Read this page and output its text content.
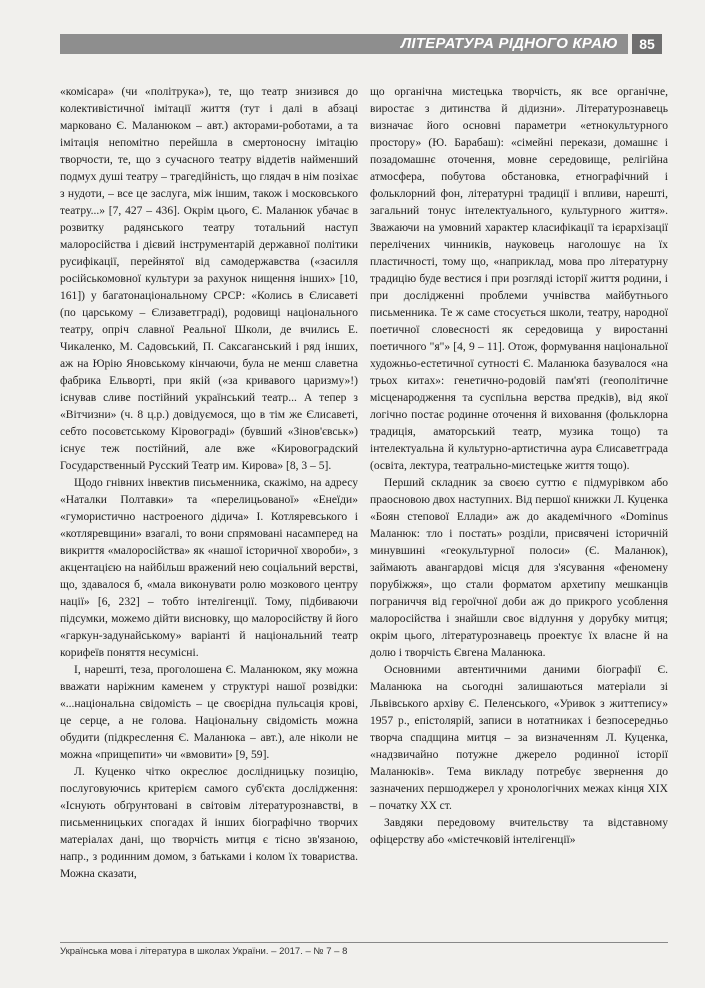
ЛІТЕРАТУРА РІДНОГО КРАЮ	85

«комісара» (чи «політрука»), те, що театр знизився до колективістичної імітації життя (тут і далі в абзаці марковано Є. Маланюком – авт.) акторами-роботами, а та імітація непомітно перейшла в смертоносну імітацію творчости, те, що з сучасного театру віддетів найменший подмух душі театру – трагедійність, що глядач в нім позіхає з нудоти, – все це заслуга, між іншим, також і московського театру...» [7, 427 – 436]. Окрім цього, Є. Маланюк убачає в розвитку радянського театру тотальний наступ малоросійства і дієвий інструментарій державної політики русифікації, перейнятої від самодержавства («засилля російськомовної культури за рахунок нищення інших» [10, 161]) у багатонаціональному СРСР: «Колись в Єлисаветі (по царському – Єлизаветграді), родовищі національного театру, опріч славної Реальної Школи, де вчились Е. Чикаленко, М. Садовський, П. Саксаганський і ряд інших, аж на Юрію Яновському кінчаючи, була не менш славетна фабрика Ельворті, при якій («за кривавого царизму»!) існував сливе постійний український театр... А тепер з «Вітчизни» (ч. 8 ц.р.) довідуємося, що в тім же Єлисаветі, себто посовєтському Кіровограді» (бувший «Зінов'євськ») існує теж постійний, але вже «Кировоградский Государственный Русский Театр им. Кирова» [8, 3 – 5].

Щодо гнівних інвектив письменника, скажімо, на адресу «Наталки Полтавки» та «перелицьованої» «Енеїди» «гумористично настроеного дідича» І. Котляревського і «котляревщини» взагалі, то вони спрямовані насамперед на викриття «малоросійства» як «нашої історичної хвороби», з акцентацією на найбільш вражений нею соціальний верстві, що, здавалося б, «мала виконувати ролю мозкового центру нації» [6, 232] – тобто інтелігенції. Тому, підбиваючи підсумки, можемо дійти висновку, що малоросійству й його «гаркун-задунайському» варіанті й національний театр корифеїв поняття несумісні.

І, нарешті, теза, проголошена Є. Маланюком, яку можна вважати наріжним каменем у структурі нашої розвідки: «...національна свідомість – це своєрідна пульсація крові, це серце, а не голова. Національну свідомість можна обудити (підкреслення Є. Маланюка – авт.), але ніколи не можна «прищепити» чи «вмовити» [9, 59].

Л. Куценко чітко окреслює дослідницьку позицію, послуговуючись критерієм самого суб'єкта дослідження: «Існують обґрунтовані в світовім літературознавстві, в письменницьких спогадах й інших біографічно творчих матеріалах дані, що творчість митця є тісно зв'язаною, напр., з родинним домом, з батьками і колом їх товариства. Можна сказати,

що органічна мистецька творчість, як все органічне, виростає з дитинства й дідизни». Літературознавець визначає його основні параметри «етнокультурного простору» (Ю. Барабаш): «сімейні перекази, домашнє і позадомашнє оточення, мовне середовище, релігійна атмосфера, побутова обстановка, етнографічний і фольклорний фон, літературні традиції і впливи, нарешті, загальний тонус інтелектуального, культурного життя». Зважаючи на умовний характер класифікації та ієрархізації перелічених чинників, науковець наголошує на їх пластичності, тому що, «наприклад, мова про літературну традицію буде вестися і при розгляді історії життя родини, і при дослідженні проблеми учнівства майбутнього письменника. Те ж саме стосується школи, театру, народної поетичної словесності як середовища у виростанні поетичного "я"» [4, 9 – 11]. Отож, формування національної художньо-естетичної сутності Є. Маланюка базувалося «на трьох китах»: генетично-родовій пам'яті (геополітичне місценародження та суспільна верства предків), від якої логічно постає родинне оточення й виховання (фольклорна традиція, аматорський театр, музика тощо) та інтелектуальна й культурно-артистична аура Єлисаветграда (освіта, лектура, театрально-мистецьке життя тощо).

Перший складник за своєю суттю є підмурівком або праосновою двох наступних. Від першої книжки Л. Куценка «Боян степової Еллади» аж до академічного «Dominus Маланюк: тло і постать» розділи, присвячені історичній минувшині «геокультурної полоси» (Є. Маланюк), займають авангардові місця для з'ясування «феномену порубіжжя», що стали форматом архетипу мешканців пограниччя від героїчної доби аж до прикрого усоблення малоросійства і знайшли своє відлуння у дорубку митця; окрім цього, літературознавець проектує їх власне й на долю і творчість Євгена Маланюка.

Основними автентичними даними біографії Є. Маланюка на сьогодні залишаються матеріали зі Львівського архіву Є. Пеленського, «Уривок з життепису» 1957 р., епістолярій, записи в нотатниках і безпосередньо творча спадщина митця – за визначенням Л. Куценка, «надзвичайно потужне джерело родинної історії Маланюків». Тема викладу потребує звернення до зазначених першоджерел у хронологічних межах кінця ХІХ – початку ХХ ст.

Завдяки передовому вчительству та відставному офіцерству або «містечковій інтелігенції»

Українська мова і література в школах України. – 2017. – № 7 – 8
